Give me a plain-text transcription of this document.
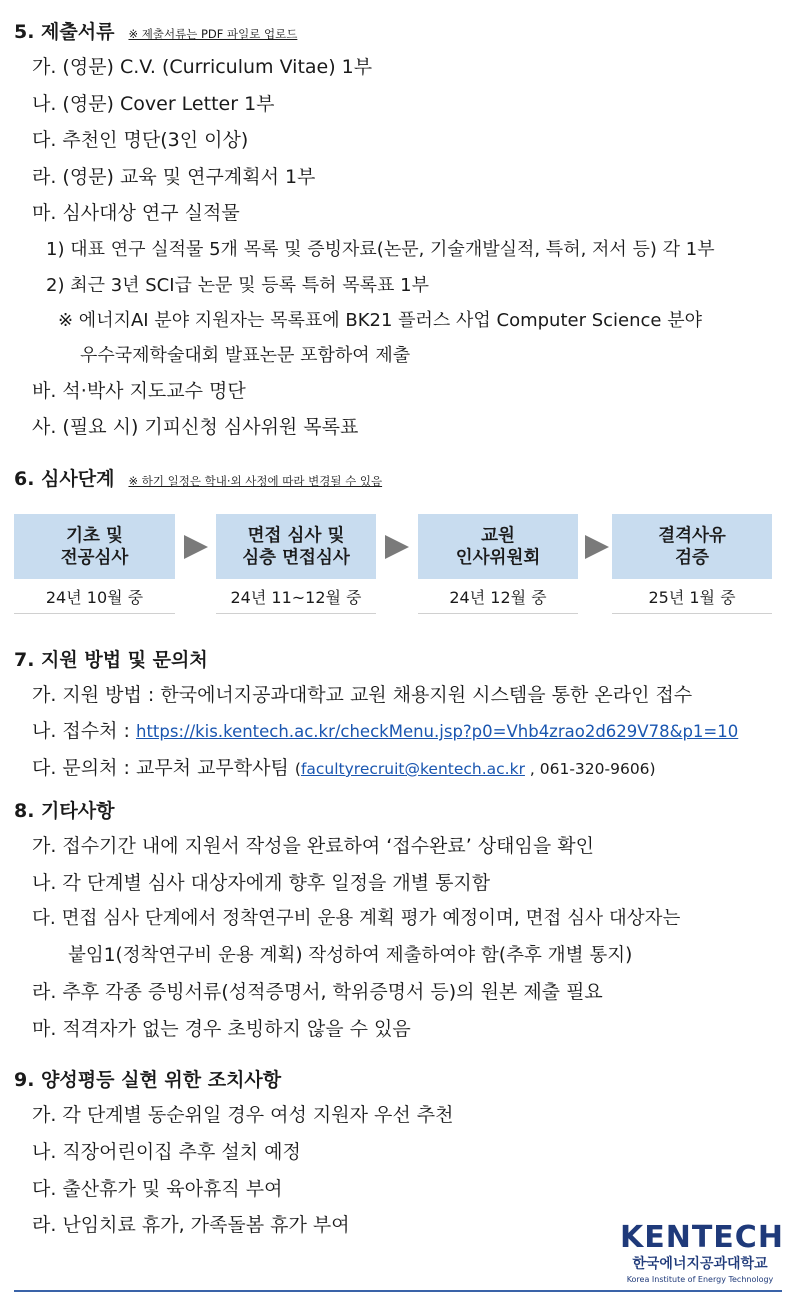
5. 제출서류 ※ 제출서류는 PDF 파일로 업로드
가. (영문) C.V. (Curriculum Vitae) 1부
나. (영문) Cover Letter 1부
다. 추천인 명단(3인 이상)
라. (영문) 교육 및 연구계획서 1부
마. 심사대상 연구 실적물
1) 대표 연구 실적물 5개 목록 및 증빙자료(논문, 기술개발실적, 특허, 저서 등) 각 1부
2) 최근 3년 SCI급 논문 및 등록 특허 목록표 1부
※ 에너지AI 분야 지원자는 목록표에 BK21 플러스 사업 Computer Science 분야
우수국제학술대회 발표논문 포함하여 제출
바. 석·박사 지도교수 명단
사. (필요 시) 기피신청 심사위원 목록표
6. 심사단계 ※ 하기 일정은 학내·외 사정에 따라 변경될 수 있음
기초 및
전공심사
24년 10월 중
면접 심사 및
심층 면접심사
24년 11~12월 중
교원
인사위원회
24년 12월 중
결격사유
검증
25년 1월 중
7. 지원 방법 및 문의처
가. 지원 방법 : 한국에너지공과대학교 교원 채용지원 시스템을 통한 온라인 접수
나. 접수처 : https://kis.kentech.ac.kr/checkMenu.jsp?p0=Vhb4zrao2d629V78&p1=10
다. 문의처 : 교무처 교무학사팀 (facultyrecruit@kentech.ac.kr , 061-320-9606)
8. 기타사항
가. 접수기간 내에 지원서 작성을 완료하여 ‘접수완료’ 상태임을 확인
나. 각 단계별 심사 대상자에게 향후 일정을 개별 통지함
다. 면접 심사 단계에서 정착연구비 운용 계획 평가 예정이며, 면접 심사 대상자는
붙임1(정착연구비 운용 계획) 작성하여 제출하여야 함(추후 개별 통지)
라. 추후 각종 증빙서류(성적증명서, 학위증명서 등)의 원본 제출 필요
마. 적격자가 없는 경우 초빙하지 않을 수 있음
9. 양성평등 실현 위한 조치사항
가. 각 단계별 동순위일 경우 여성 지원자 우선 추천
나. 직장어린이집 추후 설치 예정
다. 출산휴가 및 육아휴직 부여
라. 난임치료 휴가, 가족돌봄 휴가 부여	KENTECH
한국에너지공과대학교
Korea Institute of Energy Technology
